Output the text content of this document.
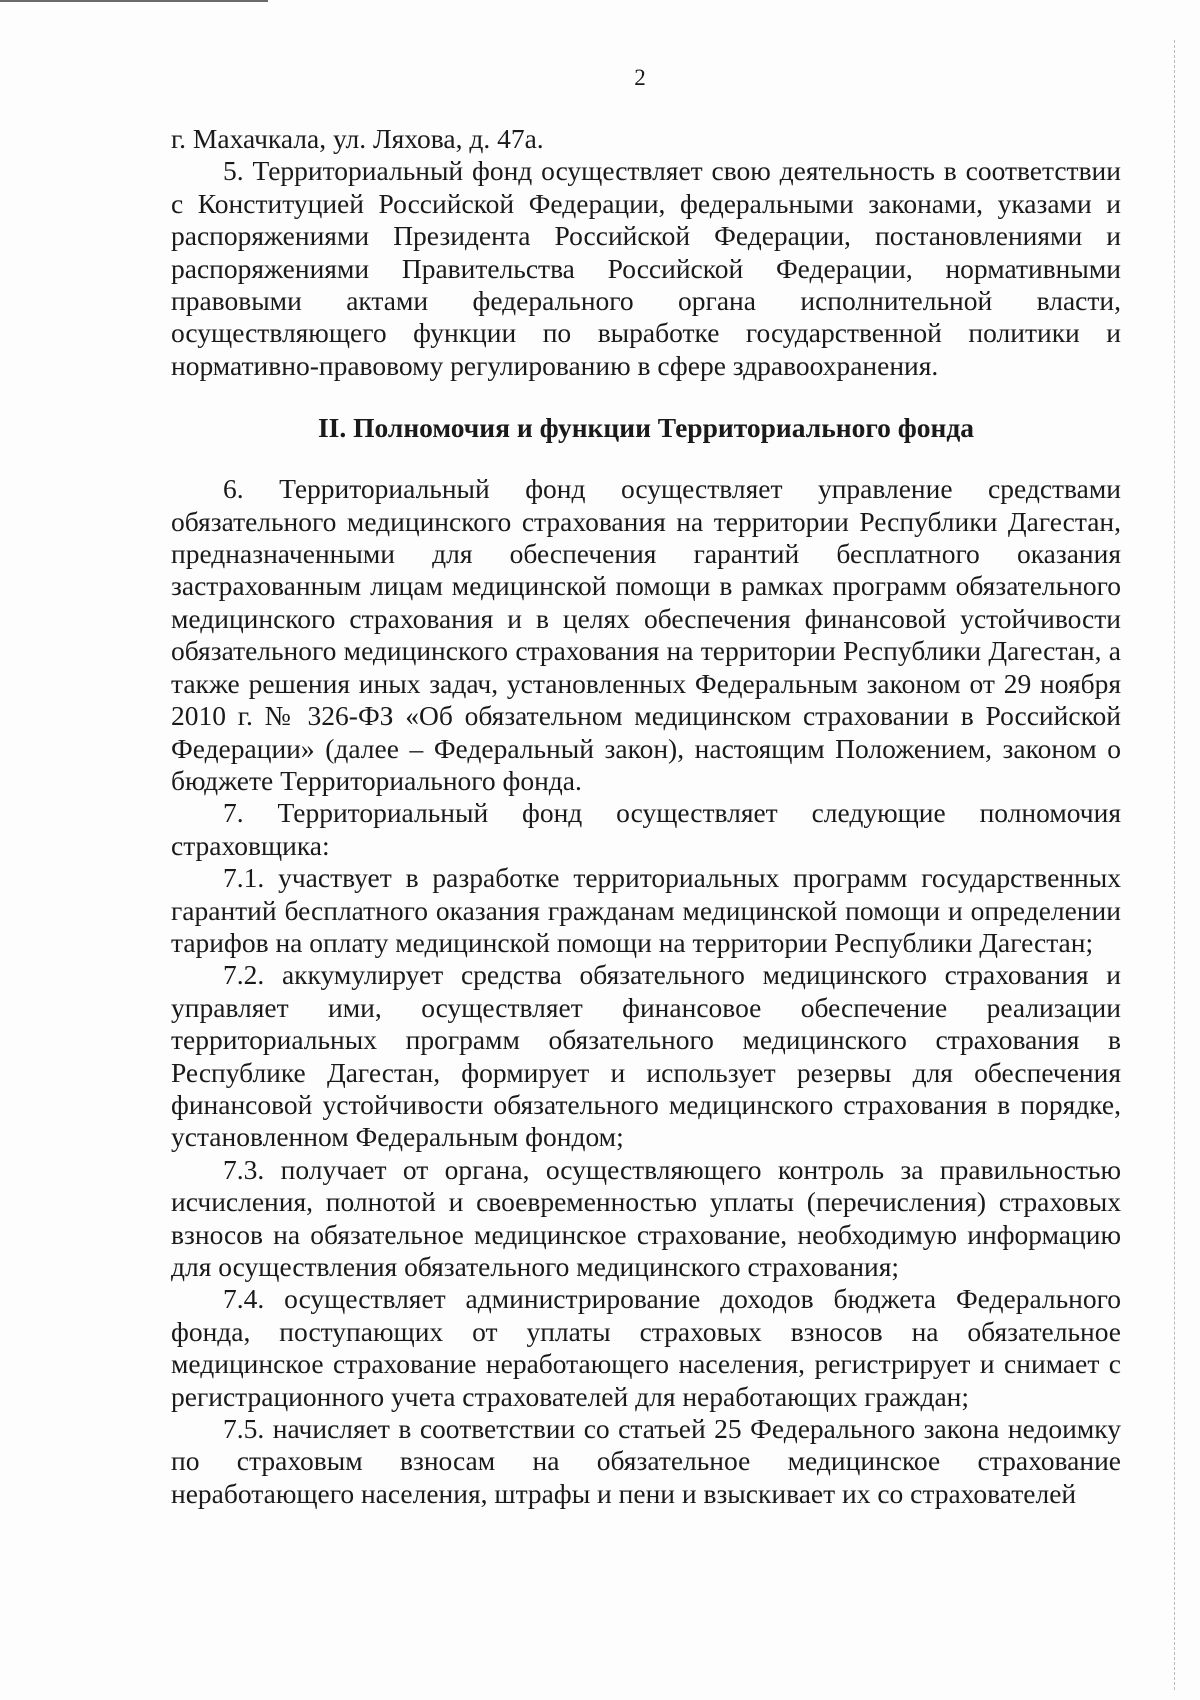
2

г. Махачкала, ул. Ляхова, д. 47а.

5. Территориальный фонд осуществляет свою деятельность в соответствии с Конституцией Российской Федерации, федеральными законами, указами и распоряжениями Президента Российской Федерации, постановлениями и распоряжениями Правительства Российской Федерации, нормативными правовыми актами федерального органа исполнительной власти, осуществляющего функции по выработке государственной политики и нормативно-правовому регулированию в сфере здравоохранения.

II. Полномочия и функции Территориального фонда

6. Территориальный фонд осуществляет управление средствами обязательного медицинского страхования на территории Республики Дагестан, предназначенными для обеспечения гарантий бесплатного оказания застрахованным лицам медицинской помощи в рамках программ обязательного медицинского страхования и в целях обеспечения финансовой устойчивости обязательного медицинского страхования на территории Республики Дагестан, а также решения иных задач, установленных Федеральным законом от 29 ноября 2010 г. № 326-ФЗ «Об обязательном медицинском страховании в Российской Федерации» (далее – Федеральный закон), настоящим Положением, законом о бюджете Территориального фонда.

7. Территориальный фонд осуществляет следующие полномочия страховщика:

7.1. участвует в разработке территориальных программ государственных гарантий бесплатного оказания гражданам медицинской помощи и определении тарифов на оплату медицинской помощи на территории Республики Дагестан;

7.2. аккумулирует средства обязательного медицинского страхования и управляет ими, осуществляет финансовое обеспечение реализации территориальных программ обязательного медицинского страхования в Республике Дагестан, формирует и использует резервы для обеспечения финансовой устойчивости обязательного медицинского страхования в порядке, установленном Федеральным фондом;

7.3. получает от органа, осуществляющего контроль за правильностью исчисления, полнотой и своевременностью уплаты (перечисления) страховых взносов на обязательное медицинское страхование, необходимую информацию для осуществления обязательного медицинского страхования;

7.4. осуществляет администрирование доходов бюджета Федерального фонда, поступающих от уплаты страховых взносов на обязательное медицинское страхование неработающего населения, регистрирует и снимает с регистрационного учета страхователей для неработающих граждан;

7.5. начисляет в соответствии со статьей 25 Федерального закона недоимку по страховым взносам на обязательное медицинское страхование неработающего населения, штрафы и пени и взыскивает их со страхователей
